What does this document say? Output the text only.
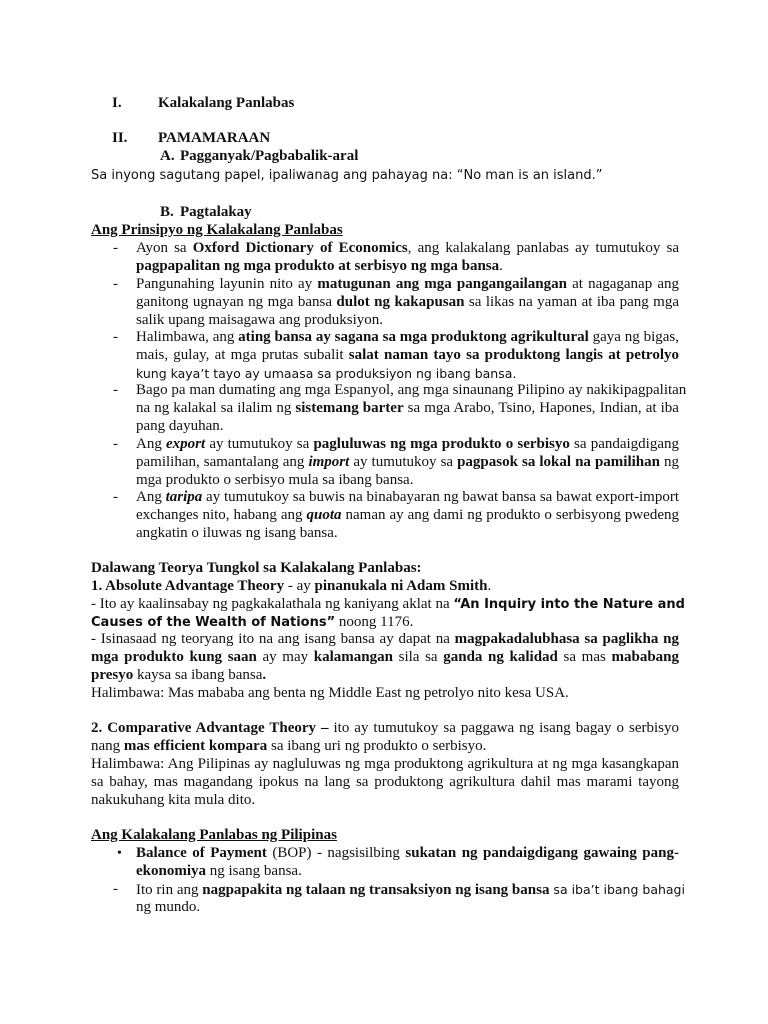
I. Kalakalang Panlabas
II. PAMAMARAAN
A. Pagganyak/Pagbabalik-aral
Sa inyong sagutang papel, ipaliwanag ang pahayag na: “No man is an island.”
B. Pagtalakay
Ang Prinsipyo ng Kalakalang Panlabas
- Ayon sa Oxford Dictionary of Economics, ang kalakalang panlabas ay tumutukoy sa
pagpapalitan ng mga produkto at serbisyo ng mga bansa.
- Pangunahing layunin nito ay matugunan ang mga pangangailangan at nagaganap ang
ganitong ugnayan ng mga bansa dulot ng kakapusan sa likas na yaman at iba pang mga
salik upang maisagawa ang produksiyon.
- Halimbawa, ang ating bansa ay sagana sa mga produktong agrikultural gaya ng bigas,
mais, gulay, at mga prutas subalit salat naman tayo sa produktong langis at petrolyo
kung kaya’t tayo ay umaasa sa produksiyon ng ibang bansa.
- Bago pa man dumating ang mga Espanyol, ang mga sinaunang Pilipino ay nakikipagpalitan
na ng kalakal sa ilalim ng sistemang barter sa mga Arabo, Tsino, Hapones, Indian, at iba
pang dayuhan.
- Ang export ay tumutukoy sa pagluluwas ng mga produkto o serbisyo sa pandaigdigang
pamilihan, samantalang ang import ay tumutukoy sa pagpasok sa lokal na pamilihan ng
mga produkto o serbisyo mula sa ibang bansa.
- Ang taripa ay tumutukoy sa buwis na binabayaran ng bawat bansa sa bawat export-import
exchanges nito, habang ang quota naman ay ang dami ng produkto o serbisyong pwedeng
angkatin o iluwas ng isang bansa.
Dalawang Teorya Tungkol sa Kalakalang Panlabas:
1. Absolute Advantage Theory - ay pinanukala ni Adam Smith.
- Ito ay kaalinsabay ng pagkakalathala ng kaniyang aklat na “An Inquiry into the Nature and
Causes of the Wealth of Nations” noong 1176.
- Isinasaad ng teoryang ito na ang isang bansa ay dapat na magpakadalubhasa sa paglikha ng
mga produkto kung saan ay may kalamangan sila sa ganda ng kalidad sa mas mababang
presyo kaysa sa ibang bansa.
Halimbawa: Mas mababa ang benta ng Middle East ng petrolyo nito kesa USA.
2. Comparative Advantage Theory – ito ay tumutukoy sa paggawa ng isang bagay o serbisyo
nang mas efficient kompara sa ibang uri ng produkto o serbisyo.
Halimbawa: Ang Pilipinas ay nagluluwas ng mga produktong agrikultura at ng mga kasangkapan
sa bahay, mas magandang ipokus na lang sa produktong agrikultura dahil mas marami tayong
nakukuhang kita mula dito.
Ang Kalakalang Panlabas ng Pilipinas
• Balance of Payment (BOP) - nagsisilbing sukatan ng pandaigdigang gawaing pang-
ekonomiya ng isang bansa.
- Ito rin ang nagpapakita ng talaan ng transaksiyon ng isang bansa sa iba’t ibang bahagi
ng mundo.
